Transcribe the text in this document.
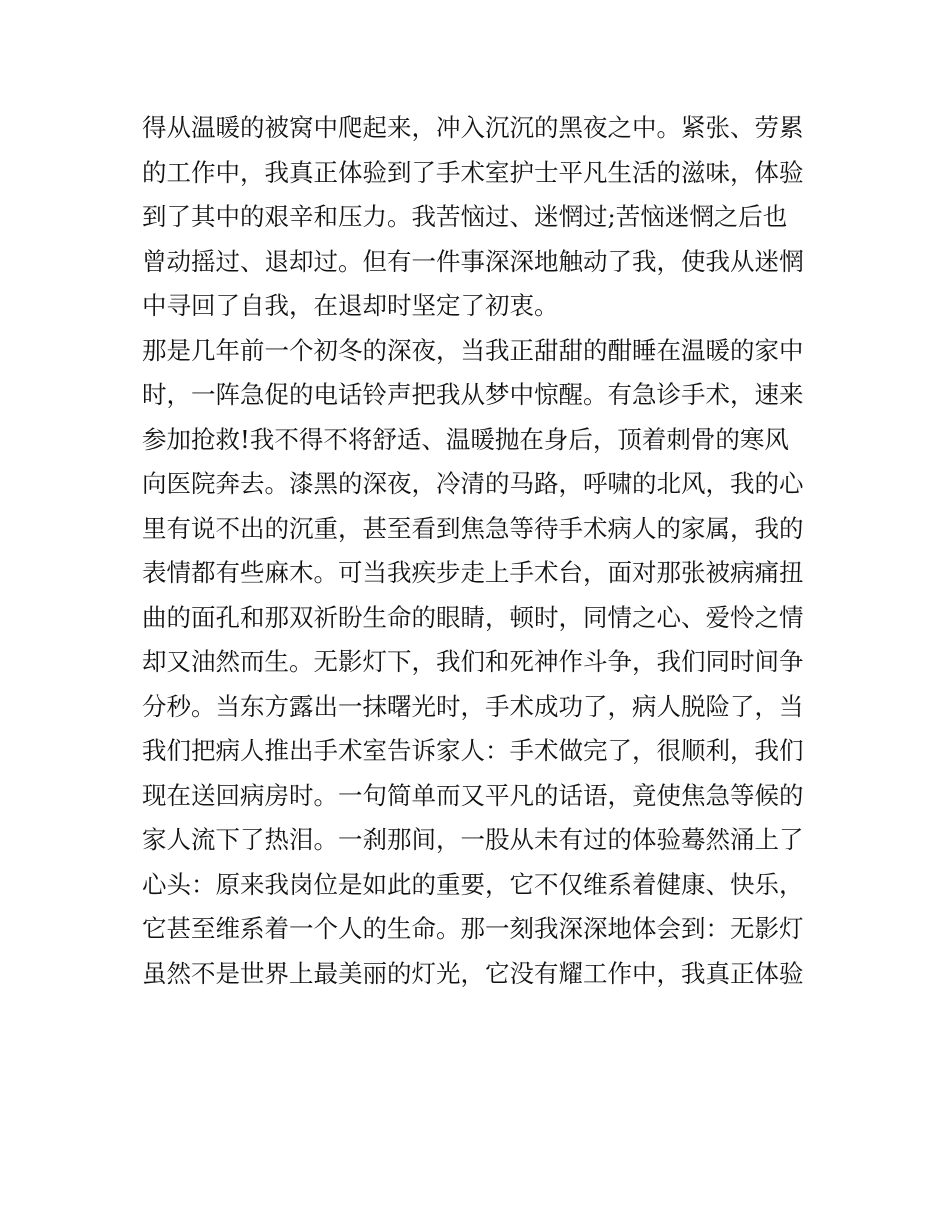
得从温暖的被窝中爬起来，冲入沉沉的黑夜之中。紧张、劳累
的工作中，我真正体验到了手术室护士平凡生活的滋味，体验
到了其中的艰辛和压力。我苦恼过、迷惘过;苦恼迷惘之后也
曾动摇过、退却过。但有一件事深深地触动了我，使我从迷惘
中寻回了自我，在退却时坚定了初衷。
那是几年前一个初冬的深夜，当我正甜甜的酣睡在温暖的家中
时，一阵急促的电话铃声把我从梦中惊醒。有急诊手术，速来
参加抢救!我不得不将舒适、温暖抛在身后，顶着刺骨的寒风
向医院奔去。漆黑的深夜，冷清的马路，呼啸的北风，我的心
里有说不出的沉重，甚至看到焦急等待手术病人的家属，我的
表情都有些麻木。可当我疾步走上手术台，面对那张被病痛扭
曲的面孔和那双祈盼生命的眼睛，顿时，同情之心、爱怜之情
却又油然而生。无影灯下，我们和死神作斗争，我们同时间争
分秒。当东方露出一抹曙光时，手术成功了，病人脱险了，当
我们把病人推出手术室告诉家人：手术做完了，很顺利，我们
现在送回病房时。一句简单而又平凡的话语，竟使焦急等候的
家人流下了热泪。一刹那间，一股从未有过的体验蓦然涌上了
心头：原来我岗位是如此的重要，它不仅维系着健康、快乐，
它甚至维系着一个人的生命。那一刻我深深地体会到：无影灯
虽然不是世界上最美丽的灯光，它没有耀工作中，我真正体验
